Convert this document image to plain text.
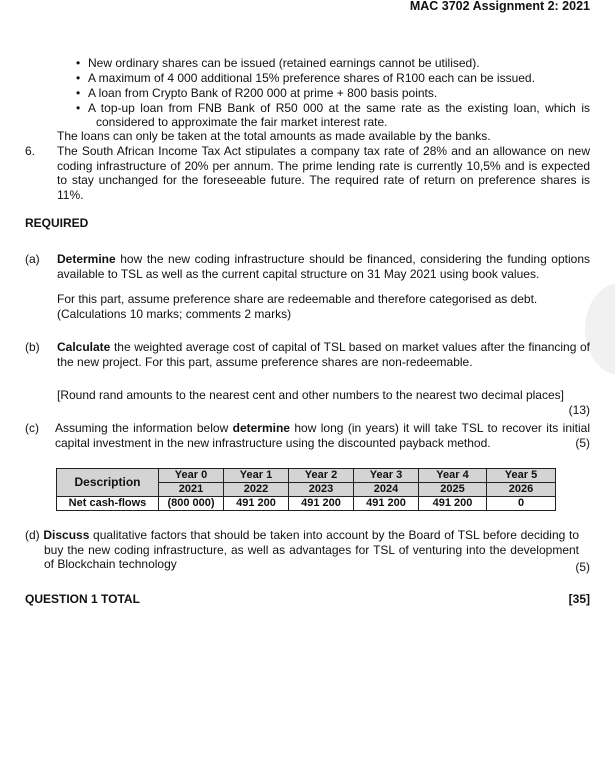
MAC 3702 Assignment 2: 2021
• New ordinary shares can be issued (retained earnings cannot be utilised).
• A maximum of 4 000 additional 15% preference shares of R100 each can be issued.
• A loan from Crypto Bank of R200 000 at prime + 800 basis points.
• A top-up loan from FNB Bank of R50 000 at the same rate as the existing loan, which is
considered to approximate the fair market interest rate.
The loans can only be taken at the total amounts as made available by the banks.
6. The South African Income Tax Act stipulates a company tax rate of 28% and an allowance on new coding infrastructure of 20% per annum. The prime lending rate is currently 10,5% and is expected to stay unchanged for the foreseeable future. The required rate of return on preference shares is 11%.
REQUIRED
(a) Determine how the new coding infrastructure should be financed, considering the funding options available to TSL as well as the current capital structure on 31 May 2021 using book values.
For this part, assume preference share are redeemable and therefore categorised as debt.
(Calculations 10 marks; comments 2 marks)
(b) Calculate the weighted average cost of capital of TSL based on market values after the financing of the new project. For this part, assume preference shares are non-redeemable.
[Round rand amounts to the nearest cent and other numbers to the nearest two decimal places]
(13)
(c) Assuming the information below determine how long (in years) it will take TSL to recover its initial capital investment in the new infrastructure using the discounted payback method.	(5)
Description	Year 0	Year 1	Year 2	Year 3	Year 4	Year 5
	2021	2022	2023	2024	2025	2026
Net cash-flows	(800 000)	491 200	491 200	491 200	491 200	0
(d) Discuss qualitative factors that should be taken into account by the Board of TSL before deciding to buy the new coding infrastructure, as well as advantages for TSL of venturing into the development of Blockchain technology	(5)
QUESTION 1 TOTAL	[35]
